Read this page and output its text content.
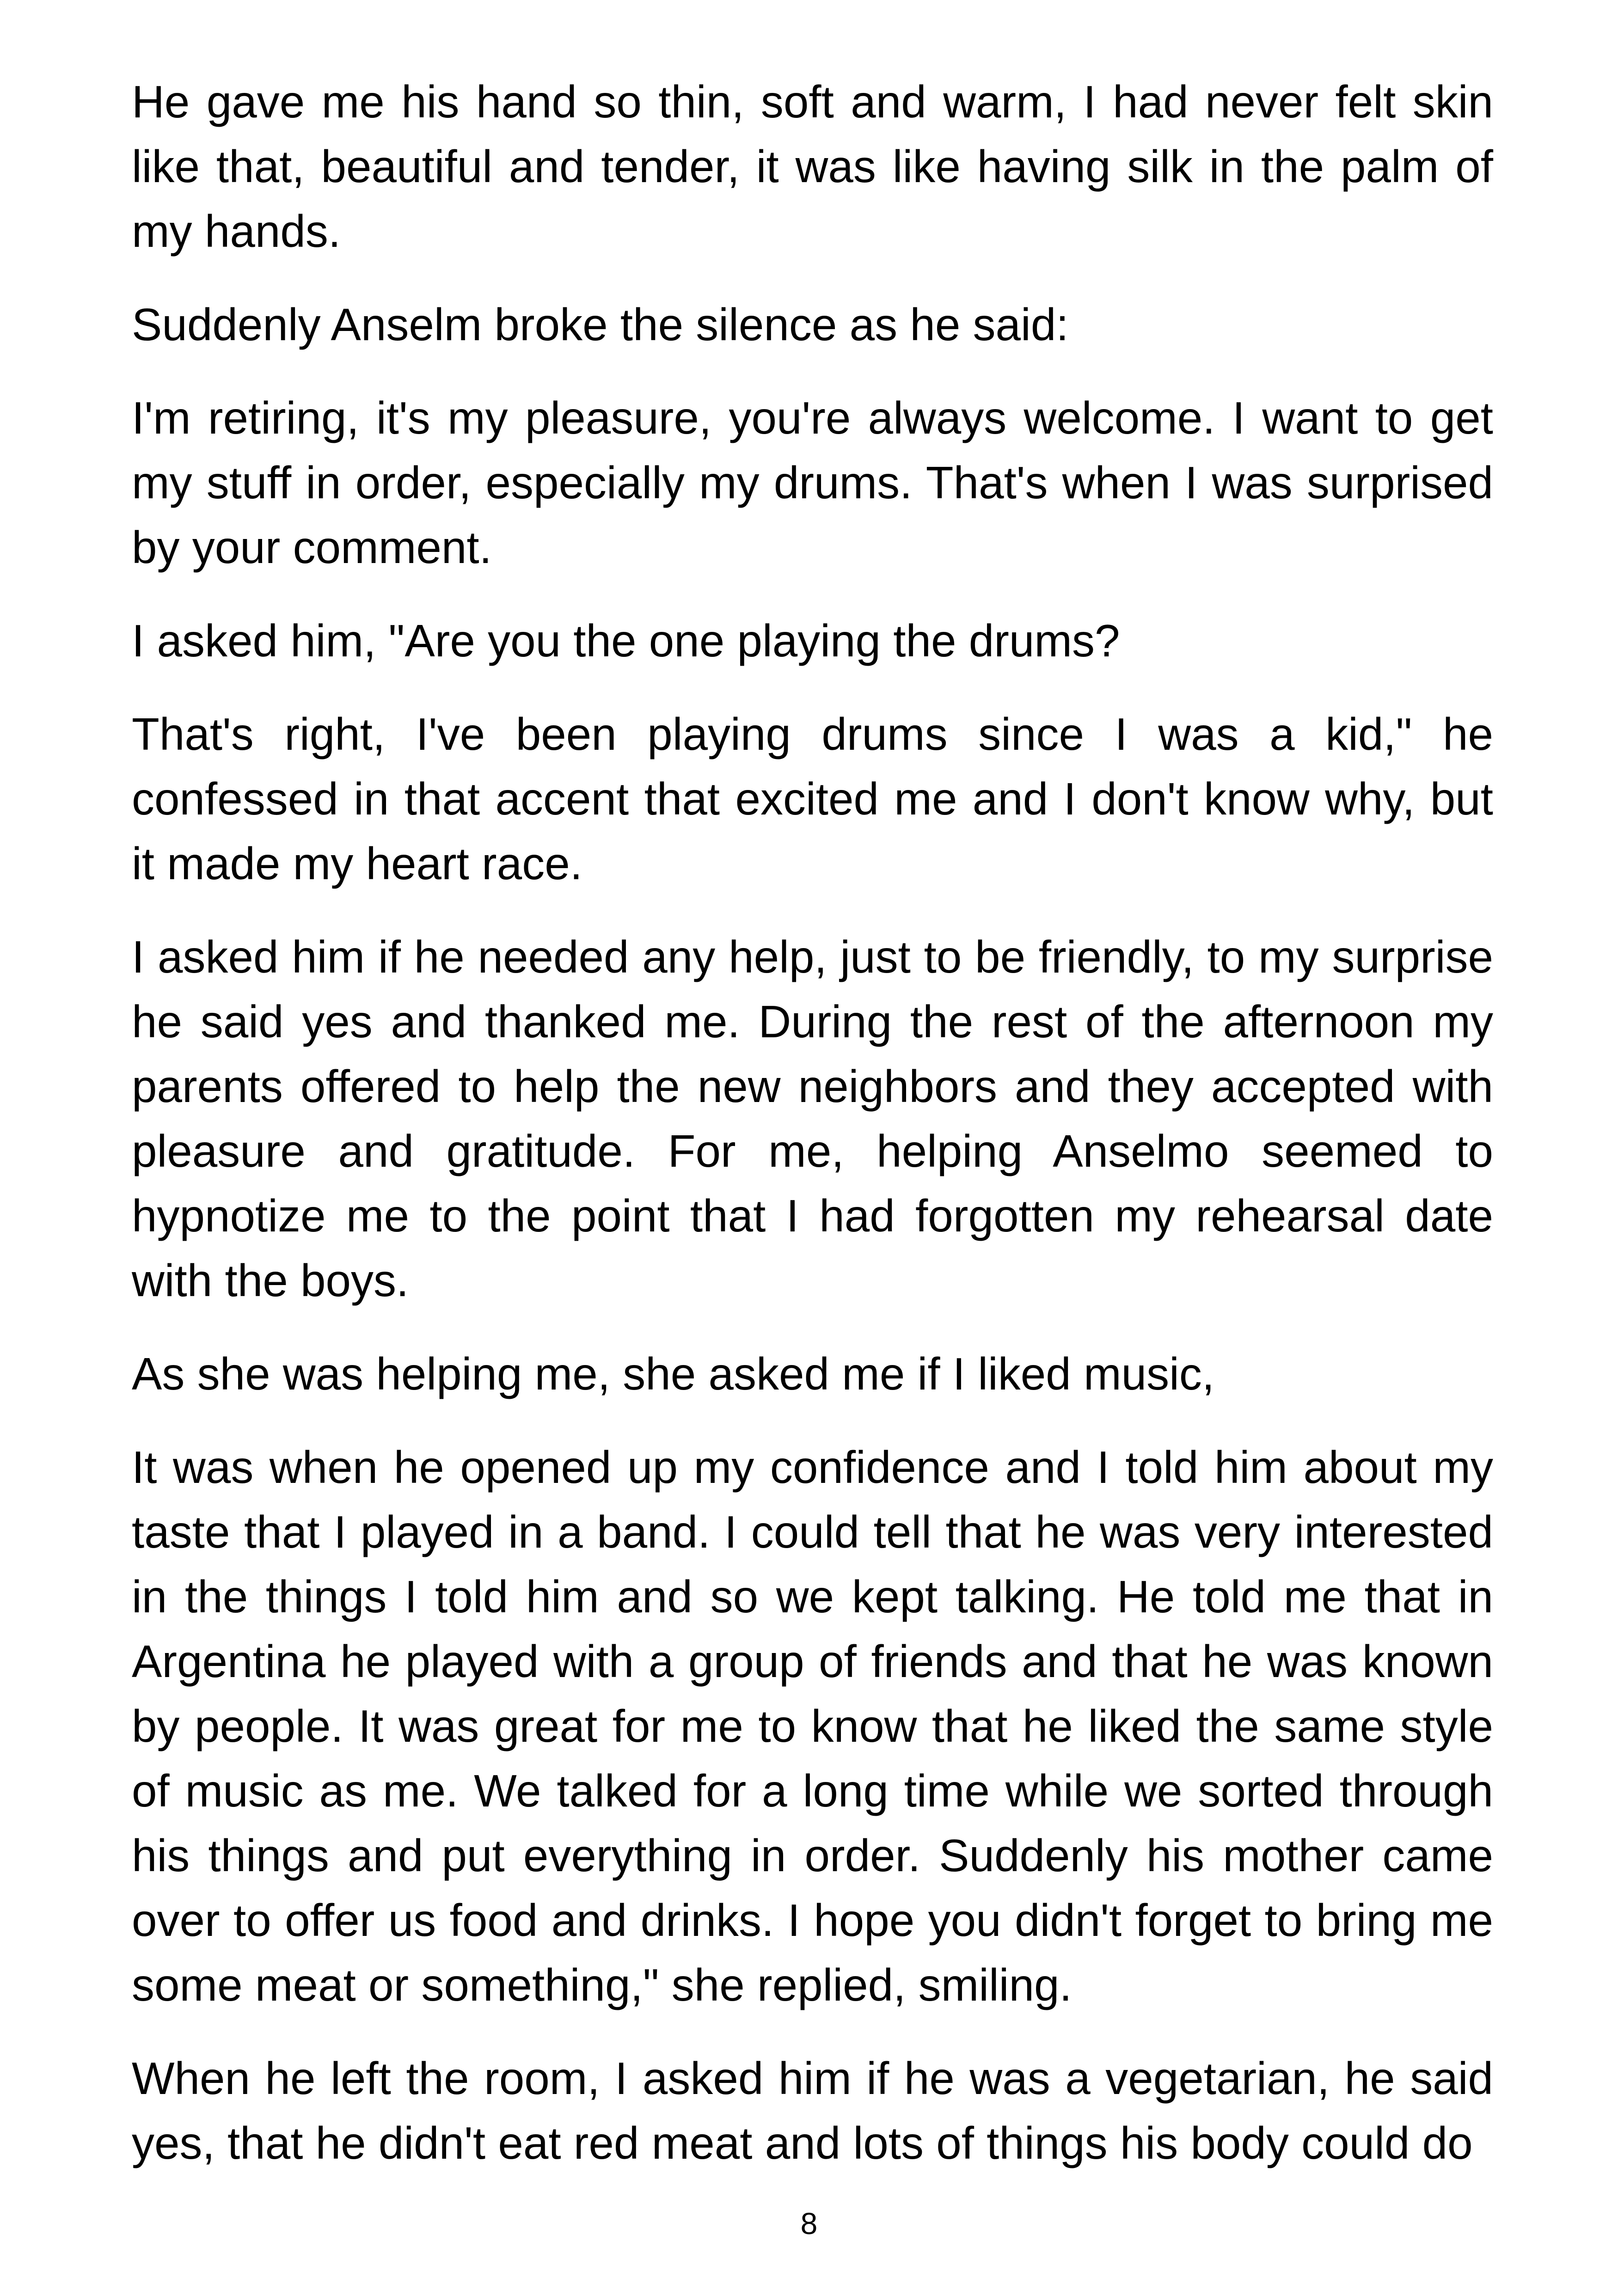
He gave me his hand so thin, soft and warm, I had never felt skin like that, beautiful and tender, it was like having silk in the palm of my hands.

Suddenly Anselm broke the silence as he said:

I'm retiring, it's my pleasure, you're always welcome. I want to get my stuff in order, especially my drums. That's when I was surprised by your comment.

I asked him, "Are you the one playing the drums?

That's right, I've been playing drums since I was a kid," he confessed in that accent that excited me and I don't know why, but it made my heart race.

I asked him if he needed any help, just to be friendly, to my surprise he said yes and thanked me. During the rest of the afternoon my parents offered to help the new neighbors and they accepted with pleasure and gratitude. For me, helping Anselmo seemed to hypnotize me to the point that I had forgotten my rehearsal date with the boys.

As she was helping me, she asked me if I liked music,

It was when he opened up my confidence and I told him about my taste that I played in a band. I could tell that he was very interested in the things I told him and so we kept talking. He told me that in Argentina he played with a group of friends and that he was known by people. It was great for me to know that he liked the same style of music as me. We talked for a long time while we sorted through his things and put everything in order. Suddenly his mother came over to offer us food and drinks. I hope you didn't forget to bring me some meat or something," she replied, smiling.

When he left the room, I asked him if he was a vegetarian, he said yes, that he didn't eat red meat and lots of things his body could do

8
